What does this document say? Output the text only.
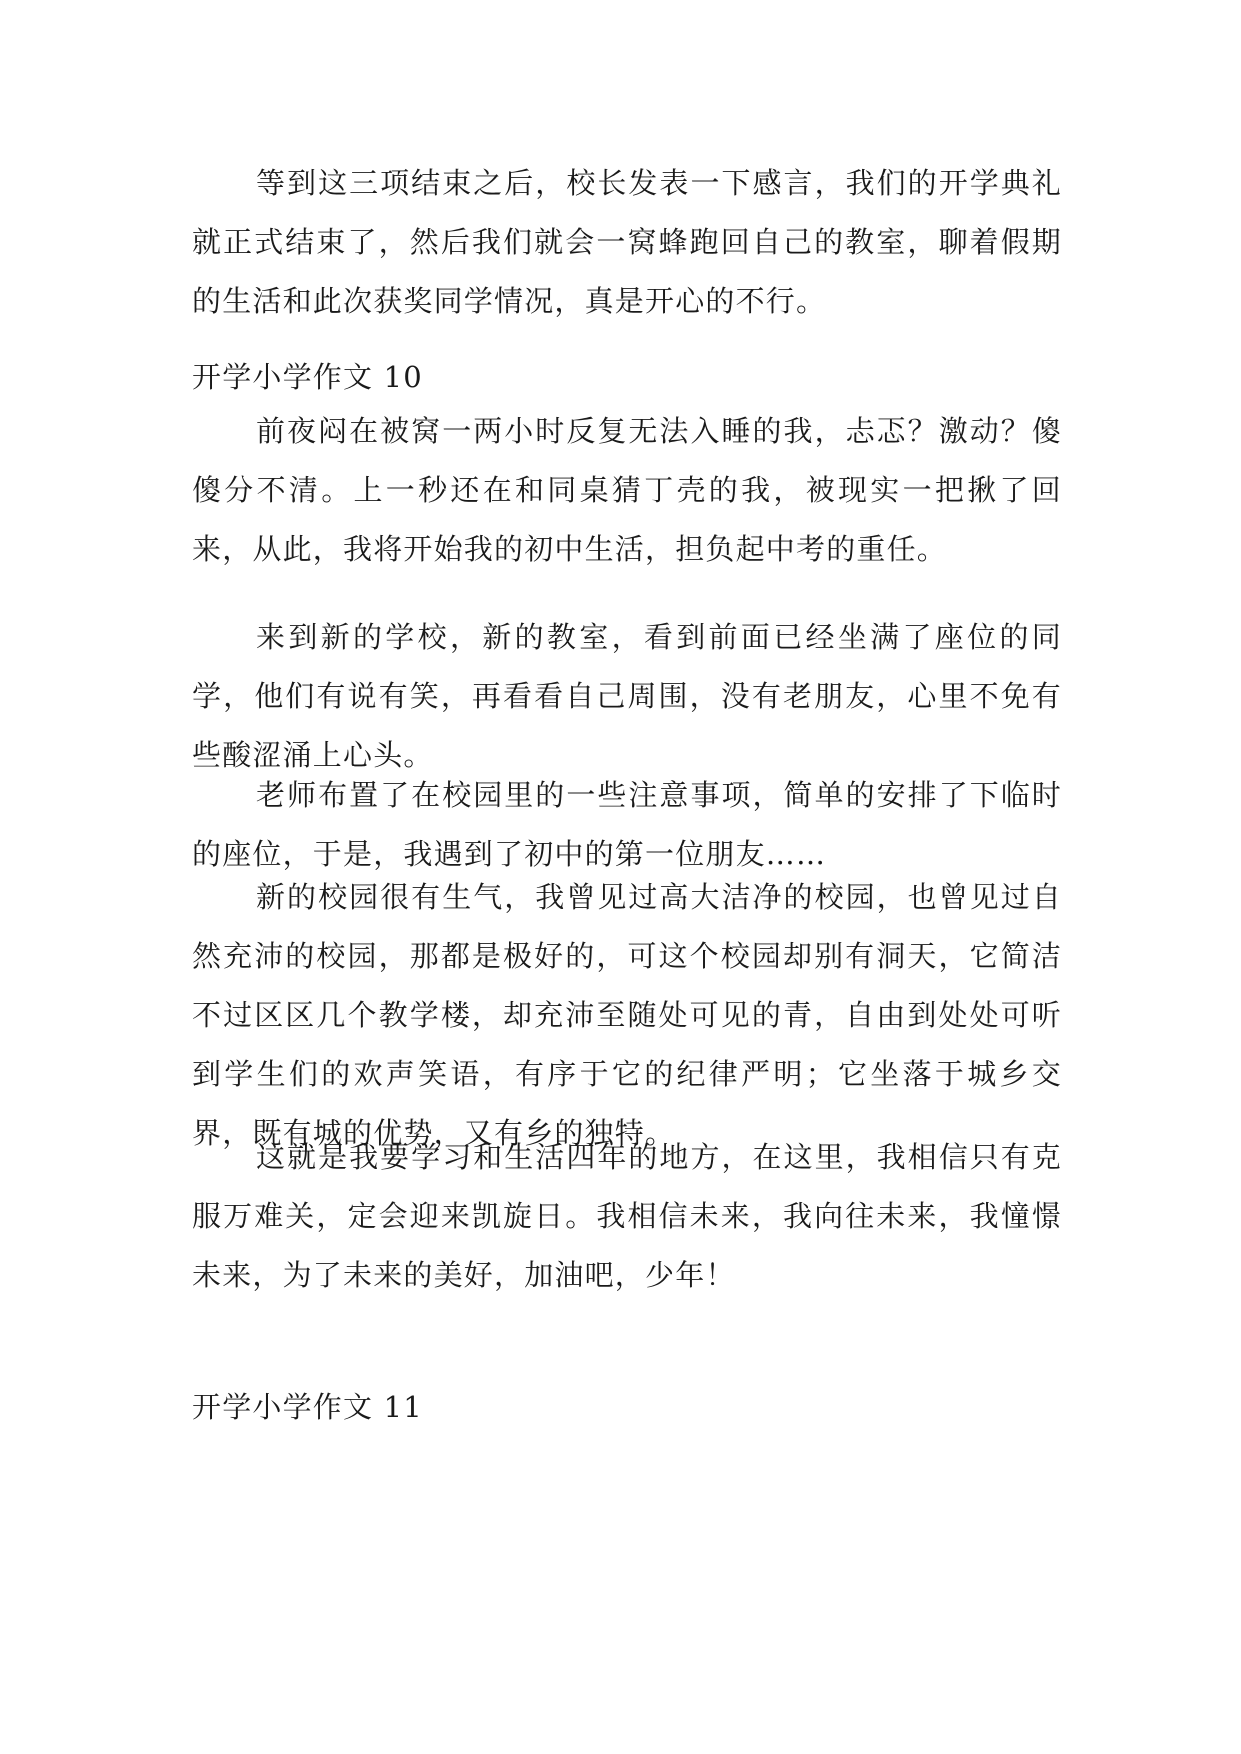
等到这三项结束之后，校长发表一下感言，我们的开学典礼就正式结束了，然后我们就会一窝蜂跑回自己的教室，聊着假期的生活和此次获奖同学情况，真是开心的不行。

开学小学作文 10

前夜闷在被窝一两小时反复无法入睡的我，忐忑？激动？傻傻分不清。上一秒还在和同桌猜丁壳的我，被现实一把揪了回来，从此，我将开始我的初中生活，担负起中考的重任。

来到新的学校，新的教室，看到前面已经坐满了座位的同学，他们有说有笑，再看看自己周围，没有老朋友，心里不免有些酸涩涌上心头。

老师布置了在校园里的一些注意事项，简单的安排了下临时的座位，于是，我遇到了初中的第一位朋友……

新的校园很有生气，我曾见过高大洁净的校园，也曾见过自然充沛的校园，那都是极好的，可这个校园却别有洞天，它简洁不过区区几个教学楼，却充沛至随处可见的青，自由到处处可听到学生们的欢声笑语，有序于它的纪律严明；它坐落于城乡交界，既有城的优势，又有乡的独特。

这就是我要学习和生活四年的地方，在这里，我相信只有克服万难关，定会迎来凯旋日。我相信未来，我向往未来，我憧憬未来，为了未来的美好，加油吧，少年！

开学小学作文 11
